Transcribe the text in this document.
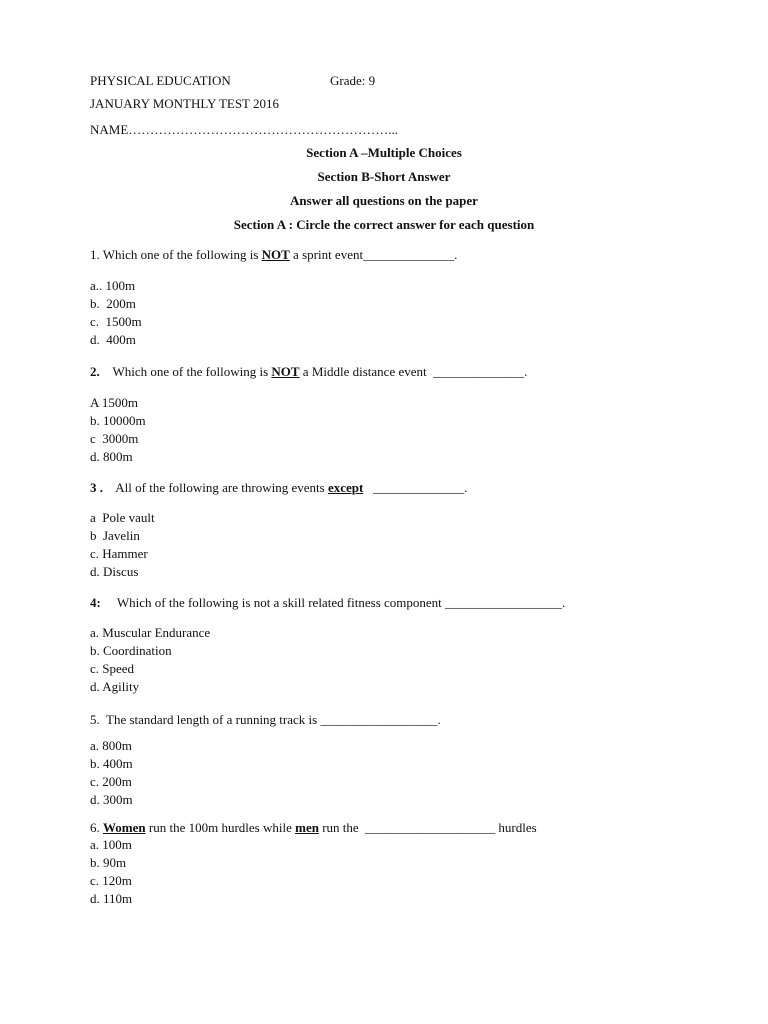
PHYSICAL EDUCATION	Grade: 9
JANUARY MONTHLY TEST 2016
NAME……………………………………………………...
Section A –Multiple Choices
Section B-Short Answer
Answer all questions on the paper
Section A : Circle the correct answer for each question
1. Which one of the following is NOT a sprint event______________.
a.. 100m
b.  200m
c.  1500m
d.  400m
2.    Which one of the following is NOT a Middle distance event  ______________.
A 1500m
b. 10000m
c  3000m
d. 800m
3 .    All of the following are throwing events except   ______________.
a  Pole vault
b  Javelin
c. Hammer
d. Discus
4:     Which of the following is not a skill related fitness component __________________.
a. Muscular Endurance
b. Coordination
c. Speed
d. Agility
5.  The standard length of a running track is __________________.
a. 800m
b. 400m
c. 200m
d. 300m
6. Women run the 100m hurdles while men run the  ____________________ hurdles
a. 100m
b. 90m
c. 120m
d. 110m
